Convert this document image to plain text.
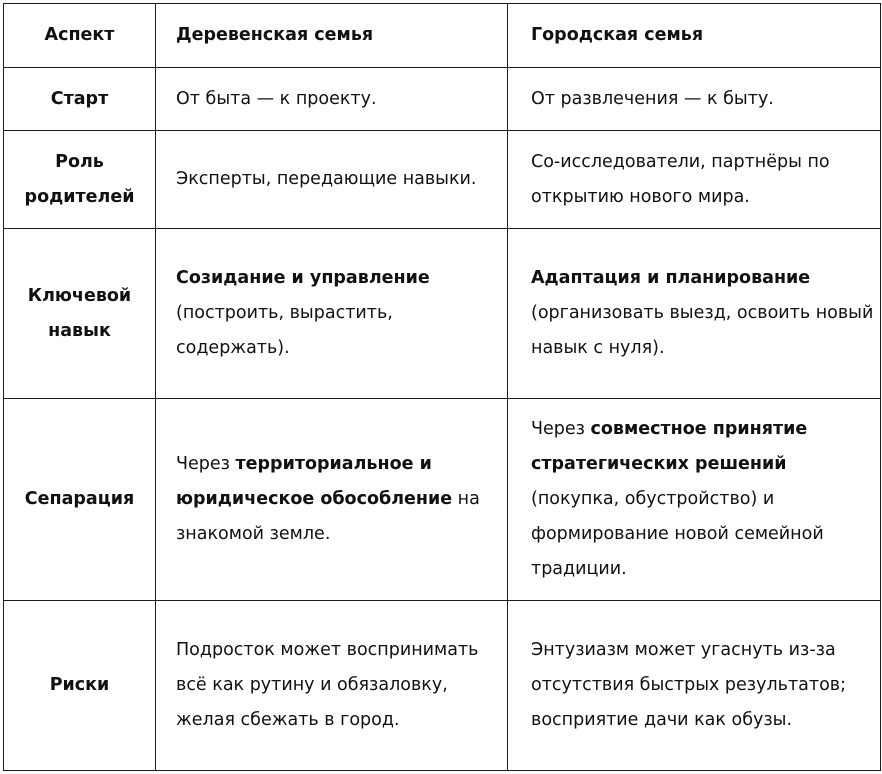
Аспект	Деревенская семья	Городская семья
Старт	От быта — к проекту.	От развлечения — к быту.
Роль родителей	Эксперты, передающие навыки.	Со-исследователи, партнёры по открытию нового мира.
Ключевой навык	Созидание и управление (построить, вырастить, содержать).	Адаптация и планирование (организовать выезд, освоить новый навык с нуля).
Сепарация	Через территориальное и юридическое обособление на знакомой земле.	Через совместное принятие стратегических решений (покупка, обустройство) и формирование новой семейной традиции.
Риски	Подросток может воспринимать всё как рутину и обязаловку, желая сбежать в город.	Энтузиазм может угаснуть из-за отсутствия быстрых результатов; восприятие дачи как обузы.
